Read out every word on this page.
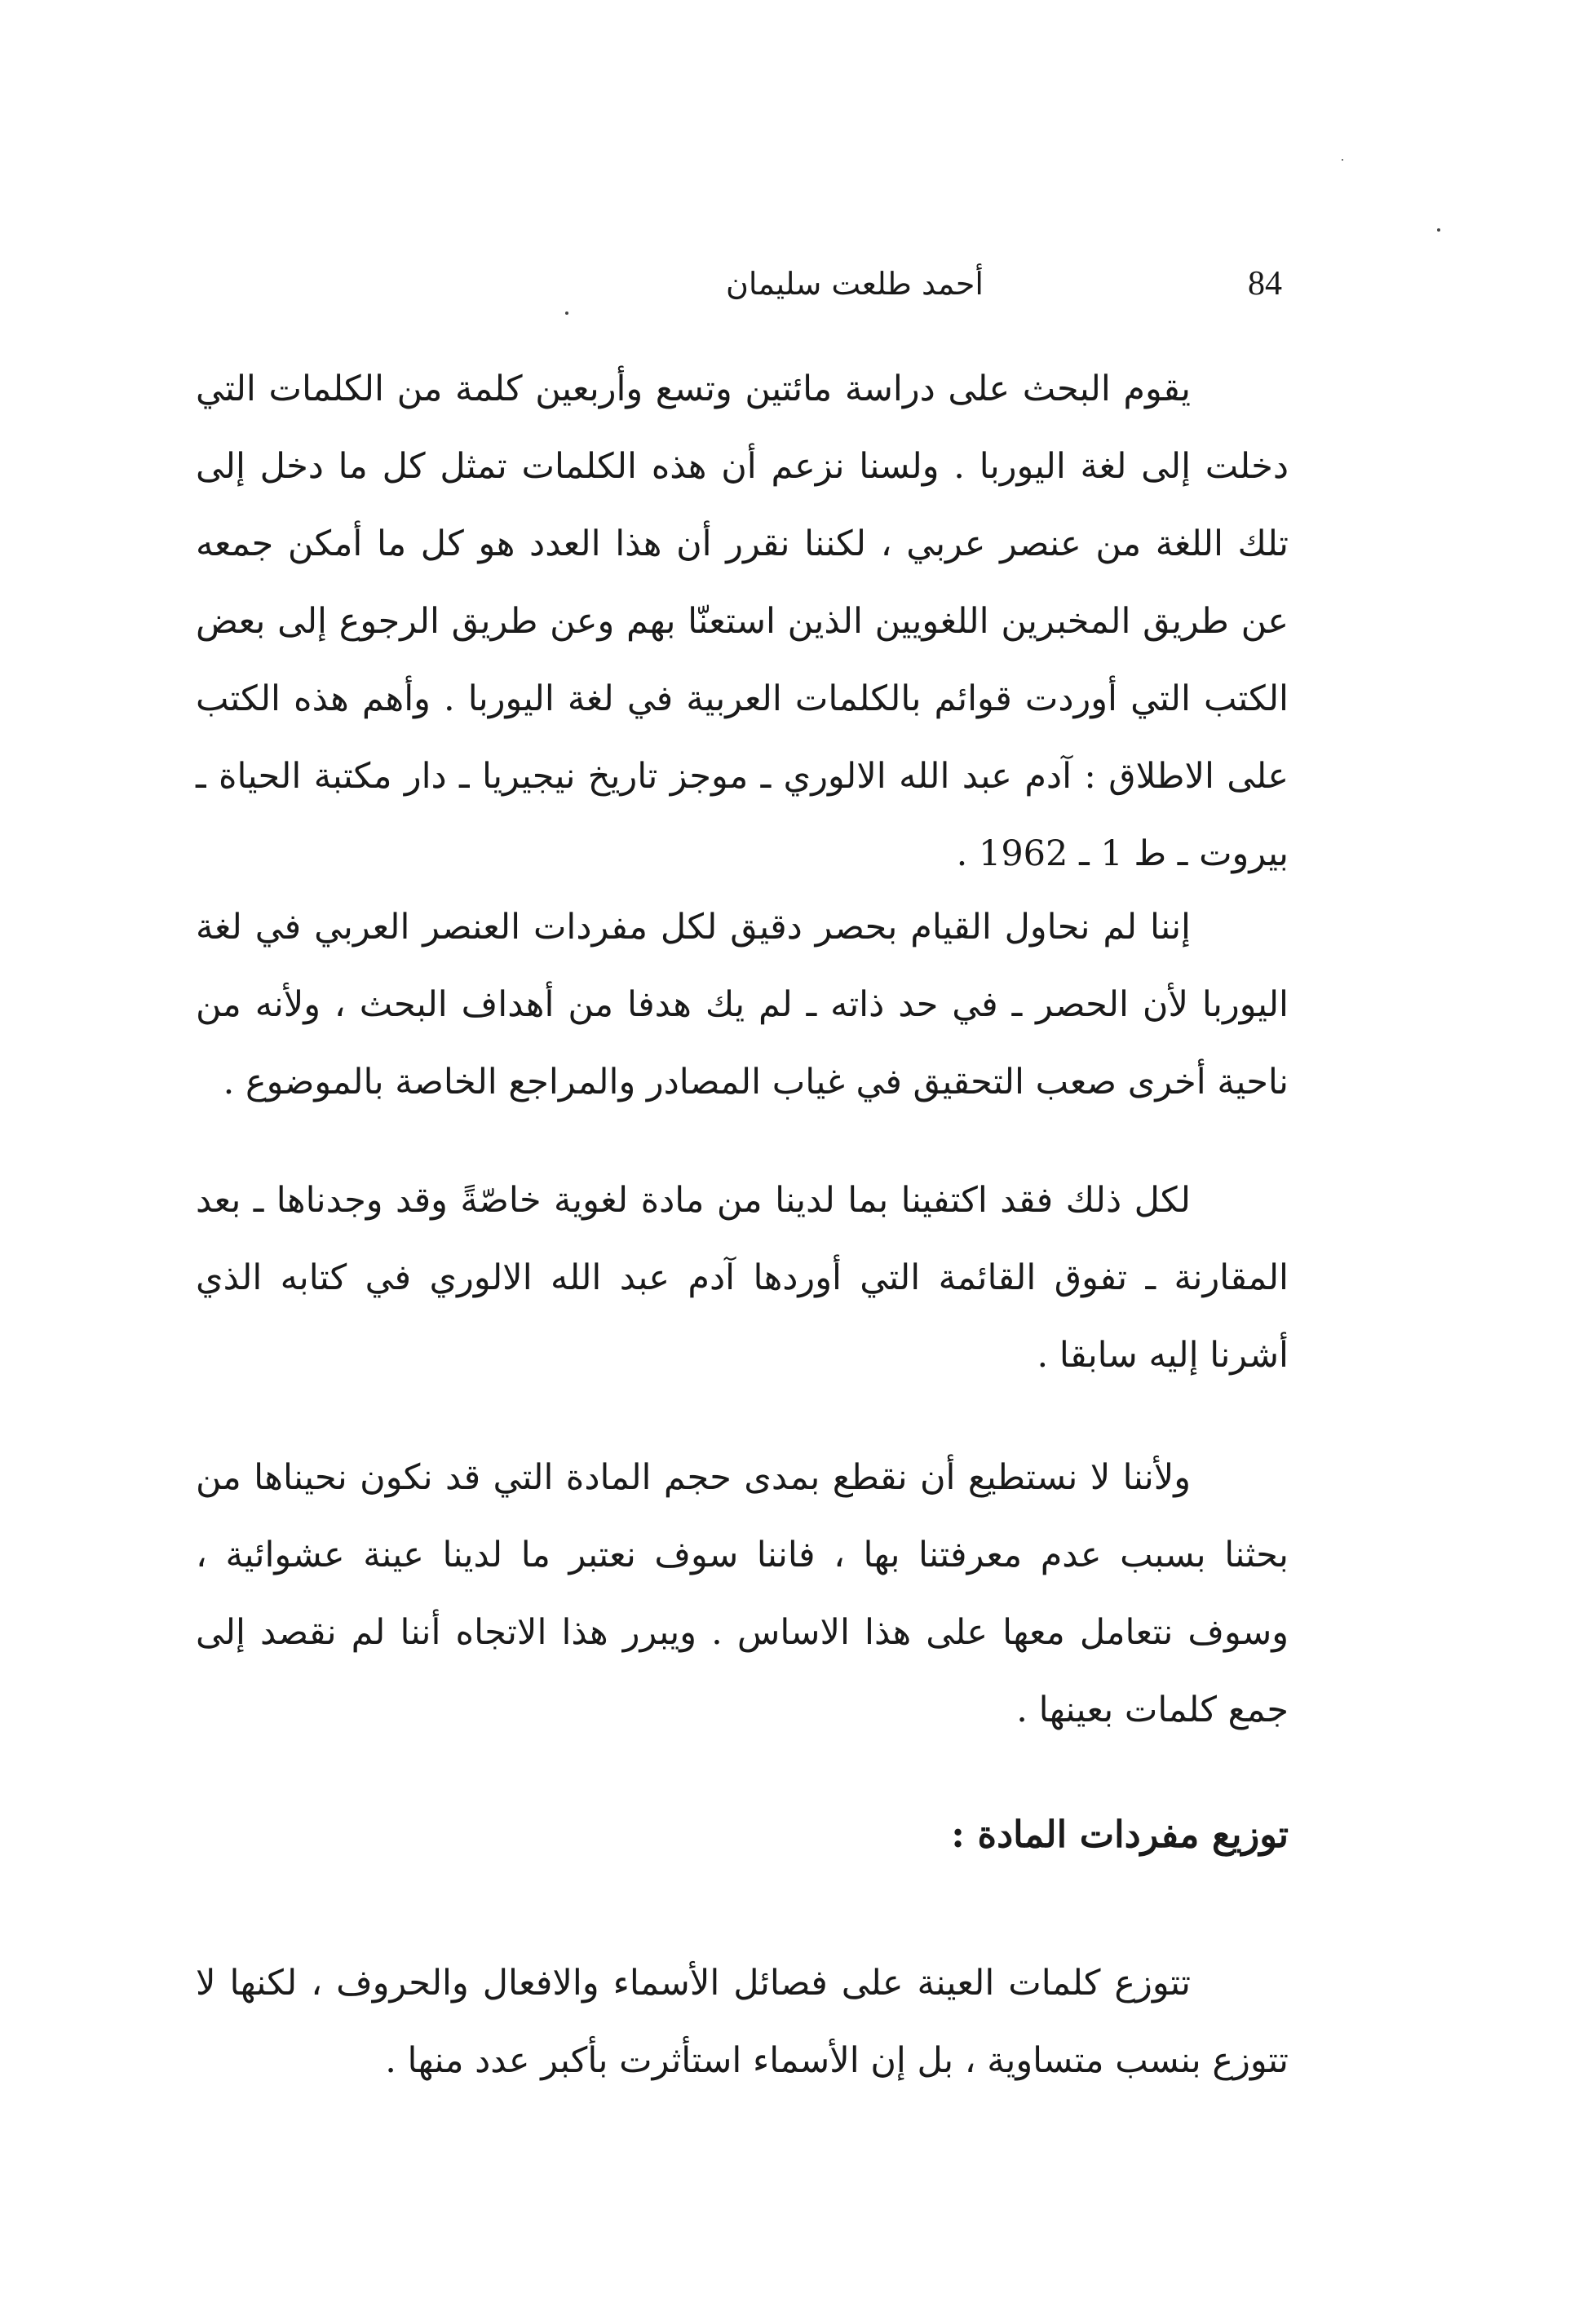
84
أحمد طلعت سليمان

يقوم البحث على دراسة مائتين وتسع وأربعين كلمة من الكلمات التي دخلت إلى لغة اليوربا . ولسنا نزعم أن هذه الكلمات تمثل كل ما دخل إلى تلك اللغة من عنصر عربي ، لكننا نقرر أن هذا العدد هو كل ما أمكن جمعه عن طريق المخبرين اللغويين الذين استعنّا بهم وعن طريق الرجوع إلى بعض الكتب التي أوردت قوائم بالكلمات العربية في لغة اليوربا . وأهم هذه الكتب على الاطلاق : آدم عبد الله الالوري ـ موجز تاريخ نيجيريا ـ دار مكتبة الحياة ـ بيروت ـ ط 1 ـ 1962 .

إننا لم نحاول القيام بحصر دقيق لكل مفردات العنصر العربي في لغة اليوربا لأن الحصر ـ في حد ذاته ـ لم يك هدفا من أهداف البحث ، ولأنه من ناحية أخرى صعب التحقيق في غياب المصادر والمراجع الخاصة بالموضوع .

لكل ذلك فقد اكتفينا بما لدينا من مادة لغوية خاصّةً وقد وجدناها ـ بعد المقارنة ـ تفوق القائمة التي أوردها آدم عبد الله الالوري في كتابه الذي أشرنا إليه سابقا .

ولأننا لا نستطيع أن نقطع بمدى حجم المادة التي قد نكون نحيناها من بحثنا بسبب عدم معرفتنا بها ، فاننا سوف نعتبر ما لدينا عينة عشوائية ، وسوف نتعامل معها على هذا الاساس . ويبرر هذا الاتجاه أننا لم نقصد إلى جمع كلمات بعينها .

توزيع مفردات المادة :

تتوزع كلمات العينة على فصائل الأسماء والافعال والحروف ، لكنها لا تتوزع بنسب متساوية ، بل إن الأسماء استأثرت بأكبر عدد منها .
